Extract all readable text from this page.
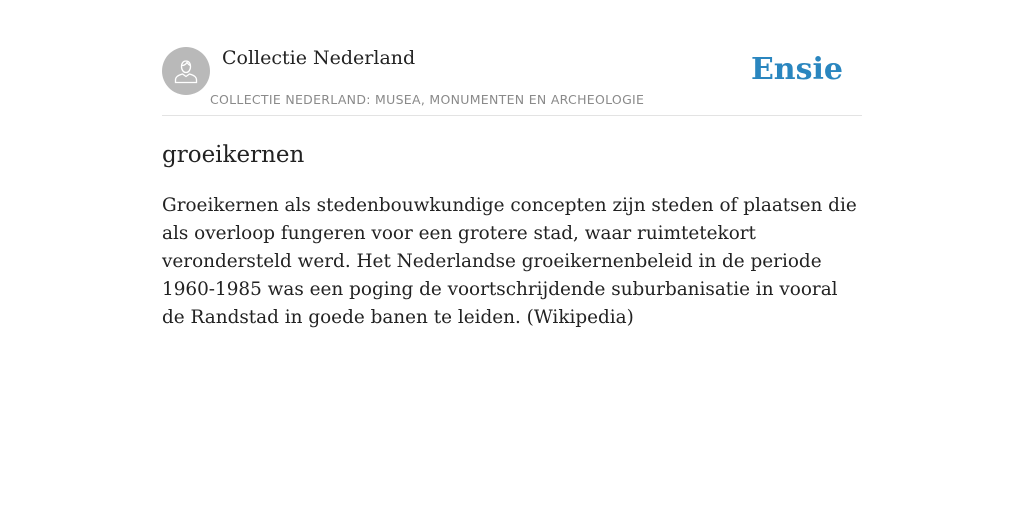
Collectie Nederland
COLLECTIE NEDERLAND: MUSEA, MONUMENTEN EN ARCHEOLOGIE
Ensie
groeikernen

Groeikernen als stedenbouwkundige concepten zijn steden of plaatsen die als overloop fungeren voor een grotere stad, waar ruimtetekort verondersteld werd. Het Nederlandse groeikernenbeleid in de periode 1960-1985 was een poging de voortschrijdende suburbanisatie in vooral de Randstad in goede banen te leiden. (Wikipedia)
